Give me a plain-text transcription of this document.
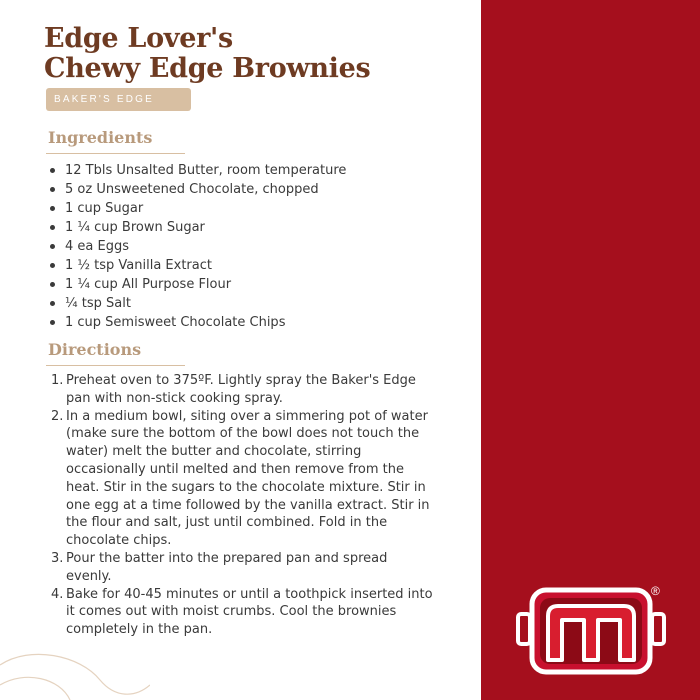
Edge Lover's
Chewy Edge Brownies
BAKER'S EDGE
Ingredients
12 Tbls Unsalted Butter, room temperature
5 oz Unsweetened Chocolate, chopped
1 cup Sugar
1 ¼ cup Brown Sugar
4 ea Eggs
1 ½ tsp Vanilla Extract
1 ¼ cup All Purpose Flour
¼ tsp Salt
1 cup Semisweet Chocolate Chips
Directions
1. Preheat oven to 375ºF. Lightly spray the Baker's Edge pan with non-stick cooking spray.
2. In a medium bowl, siting over a simmering pot of water (make sure the bottom of the bowl does not touch the water) melt the butter and chocolate, stirring occasionally until melted and then remove from the heat. Stir in the sugars to the chocolate mixture. Stir in one egg at a time followed by the vanilla extract. Stir in the flour and salt, just until combined. Fold in the chocolate chips.
3. Pour the batter into the prepared pan and spread evenly.
4. Bake for 40-45 minutes or until a toothpick inserted into it comes out with moist crumbs. Cool the brownies completely in the pan.
®
